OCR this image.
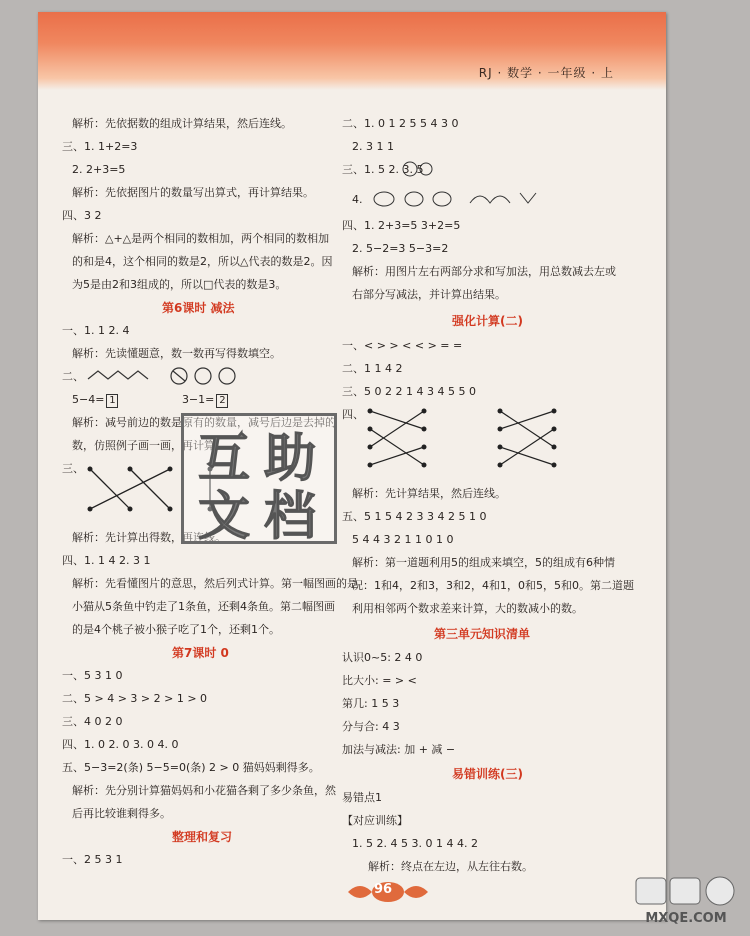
RJ · 数学 · 一年级 · 上
解析：先依据数的组成计算结果，然后连线。
三、1. 1+2=3
2. 2+3=5
解析：先依据图片的数量写出算式，再计算结果。
四、3 2
解析：△+△是两个相同的数相加，两个相同的数相加
的和是4，这个相同的数是2，所以△代表的数是2。因
为5是由2和3组成的，所以□代表的数是3。
第6课时 减法
一、1. 1 2. 4
解析：先读懂题意，数一数再写得数填空。
二、
5−4= 1	3−1= 2
解析：减号前边的数是原有的数量，减号后边是去掉的
数，仿照例子画一画，再计算。
三、
解析：先计算出得数，再连线。
四、1. 1 4 2. 3 1
解析：先看懂图片的意思，然后列式计算。第一幅图画的是
小猫从5条鱼中钓走了1条鱼，还剩4条鱼。第二幅图画
的是4个桃子被小猴子吃了1个，还剩1个。
第7课时 0
一、5 3 1 0
二、5 > 4 > 3 > 2 > 1 > 0
三、4 0 2 0
四、1. 0 2. 0 3. 0 4. 0
五、5−3=2(条) 5−5=0(条) 2 > 0 猫妈妈剩得多。
解析：先分别计算猫妈妈和小花猫各剩了多少条鱼，然
后再比较谁剩得多。
整理和复习
一、2 5 3 1
二、1. 0 1 2 5 5 4 3 0
2. 3 1 1
三、1. 5 2. 3. 5
4.
四、1. 2+3=5 3+2=5
2. 5−2=3 5−3=2
解析：用图片左右两部分求和写加法，用总数减去左或
右部分写减法，并计算出结果。
强化计算(二)
一、< > > < < > = =
二、1 1 4 2
三、5 0 2 2 1 4 3 4 5 5 0
四、
解析：先计算结果，然后连线。
五、5 1 5 4 2 3 3 4 2 5 1 0
5 4 4 3 2 1 1 0 1 0
解析：第一道题利用5的组成来填空，5的组成有6种情
况：1和4，2和3，3和2，4和1，0和5，5和0。第二道题
利用相邻两个数求差来计算，大的数减小的数。
第三单元知识清单
认识0~5: 2 4 0
比大小: = > <
第几: 1 5 3
分与合: 4 3
加法与减法: 加 + 减 −
易错训练(三)
易错点1
【对应训练】
1. 5 2. 4 5 3. 0 1 4 4. 2
解析：终点在左边，从左往右数。
互 助
文 档
96
MXQE.COM
